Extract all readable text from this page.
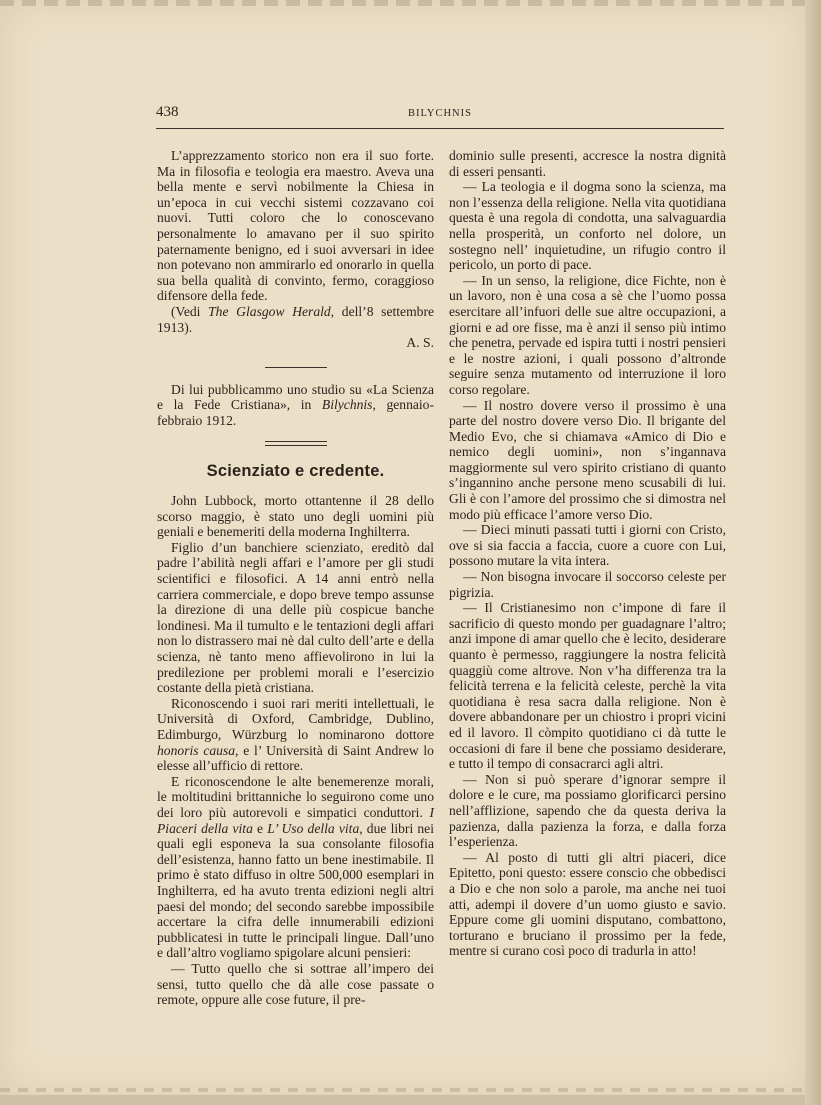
438	BILYCHNIS

L’apprezzamento storico non era il suo forte. Ma in filosofia e teologia era maestro. Aveva una bella mente e servì nobilmente la Chiesa in un’epoca in cui vecchi sistemi cozzavano coi nuovi. Tutti coloro che lo conoscevano personalmente lo amavano per il suo spirito paternamente benigno, ed i suoi avversari in idee non potevano non ammirarlo ed onorarlo in quella sua bella qualità di convinto, fermo, coraggioso difensore della fede.

(Vedi The Glasgow Herald, dell’8 settembre 1913).

A. S.

Di lui pubblicammo uno studio su «La Scienza e la Fede Cristiana», in Bilychnis, gennaio-febbraio 1912.

Scienziato e credente.

John Lubbock, morto ottantenne il 28 dello scorso maggio, è stato uno degli uomini più geniali e benemeriti della moderna Inghilterra.

Figlio d’un banchiere scienziato, ereditò dal padre l’abilità negli affari e l’amore per gli studi scientifici e filosofici. A 14 anni entrò nella carriera commerciale, e dopo breve tempo assunse la direzione di una delle più cospicue banche londinesi. Ma il tumulto e le tentazioni degli affari non lo distrassero mai nè dal culto dell’arte e della scienza, nè tanto meno affievolirono in lui la predilezione per problemi morali e l’esercizio costante della pietà cristiana.

Riconoscendo i suoi rari meriti intellettuali, le Università di Oxford, Cambridge, Dublino, Edimburgo, Würzburg lo nominarono dottore honoris causa, e l’ Università di Saint Andrew lo elesse all’ufficio di rettore.

E riconoscendone le alte benemerenze morali, le moltitudini brittanniche lo seguirono come uno dei loro più autorevoli e simpatici conduttori. I Piaceri della vita e L’ Uso della vita, due libri nei quali egli esponeva la sua consolante filosofia dell’esistenza, hanno fatto un bene inestimabile. Il primo è stato diffuso in oltre 500,000 esemplari in Inghilterra, ed ha avuto trenta edizioni negli altri paesi del mondo; del secondo sarebbe impossibile accertare la cifra delle innumerabili edizioni pubblicatesi in tutte le principali lingue. Dall’uno e dall’altro vogliamo spigolare alcuni pensieri:

— Tutto quello che si sottrae all’impero dei sensi, tutto quello che dà alle cose passate o remote, oppure alle cose future, il pre-

dominio sulle presenti, accresce la nostra dignità di esseri pensanti.

— La teologia e il dogma sono la scienza, ma non l’essenza della religione. Nella vita quotidiana questa è una regola di condotta, una salvaguardia nella prosperità, un conforto nel dolore, un sostegno nell’ inquietudine, un rifugio contro il pericolo, un porto di pace.

— In un senso, la religione, dice Fichte, non è un lavoro, non è una cosa a sè che l’uomo possa esercitare all’infuori delle sue altre occupazioni, a giorni e ad ore fisse, ma è anzi il senso più intimo che penetra, pervade ed ispira tutti i nostri pensieri e le nostre azioni, i quali possono d’altronde seguire senza mutamento od interruzione il loro corso regolare.

— Il nostro dovere verso il prossimo è una parte del nostro dovere verso Dio. Il brigante del Medio Evo, che si chiamava «Amico di Dio e nemico degli uomini», non s’ingannava maggiormente sul vero spirito cristiano di quanto s’ingannino anche persone meno scusabili di lui. Gli è con l’amore del prossimo che si dimostra nel modo più efficace l’amore verso Dio.

— Dieci minuti passati tutti i giorni con Cristo, ove si sia faccia a faccia, cuore a cuore con Lui, possono mutare la vita intera.

— Non bisogna invocare il soccorso celeste per pigrizia.

— Il Cristianesimo non c’impone di fare il sacrificio di questo mondo per guadagnare l’altro; anzi impone di amar quello che è lecito, desiderare quanto è permesso, raggiungere la nostra felicità quaggiù come altrove. Non v’ha differenza tra la felicità terrena e la felicità celeste, perchè la vita quotidiana è resa sacra dalla religione. Non è dovere abbandonare per un chiostro i propri vicini ed il lavoro. Il còmpito quotidiano ci dà tutte le occasioni di fare il bene che possiamo desiderare, e tutto il tempo di consacrarci agli altri.

— Non si può sperare d’ignorar sempre il dolore e le cure, ma possiamo glorificarci persino nell’afflizione, sapendo che da questa deriva la pazienza, dalla pazienza la forza, e dalla forza l’esperienza.

— Al posto di tutti gli altri piaceri, dice Epitetto, poni questo: essere conscio che obbedisci a Dio e che non solo a parole, ma anche nei tuoi atti, adempi il dovere d’un uomo giusto e savio. Eppure come gli uomini disputano, combattono, torturano e bruciano il prossimo per la fede, mentre si curano così poco di tradurla in atto!
